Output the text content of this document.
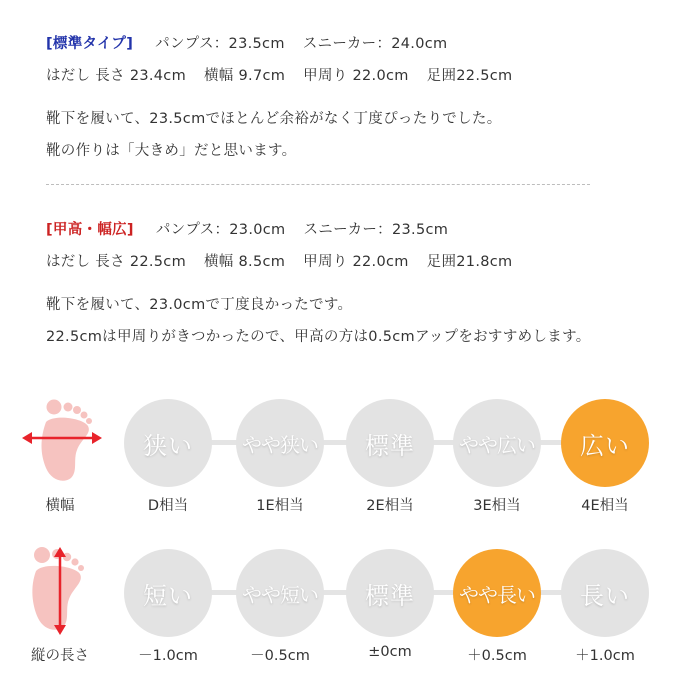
[標準タイプ] パンプス：23.5cm スニーカー：24.0cm
はだし 長さ 23.4cm 横幅 9.7cm 甲周り 22.0cm 足囲22.5cm
靴下を履いて、23.5cmでほとんど余裕がなく丁度ぴったりでした。
靴の作りは「大きめ」だと思います。
[甲高・幅広] パンプス：23.0cm スニーカー：23.5cm
はだし 長さ 22.5cm 横幅 8.5cm 甲周り 22.0cm 足囲21.8cm
靴下を履いて、23.0cmで丁度良かったです。
22.5cmは甲周りがきつかったので、甲高の方は0.5cmアップをおすすめします。
横幅
狭い	やや狭い	標準	やや広い	広い
D相当	1E相当	2E相当	3E相当	4E相当
縦の長さ
短い	やや短い	標準	やや長い	長い
－1.0cm	－0.5cm	±0cm	＋0.5cm	＋1.0cm
